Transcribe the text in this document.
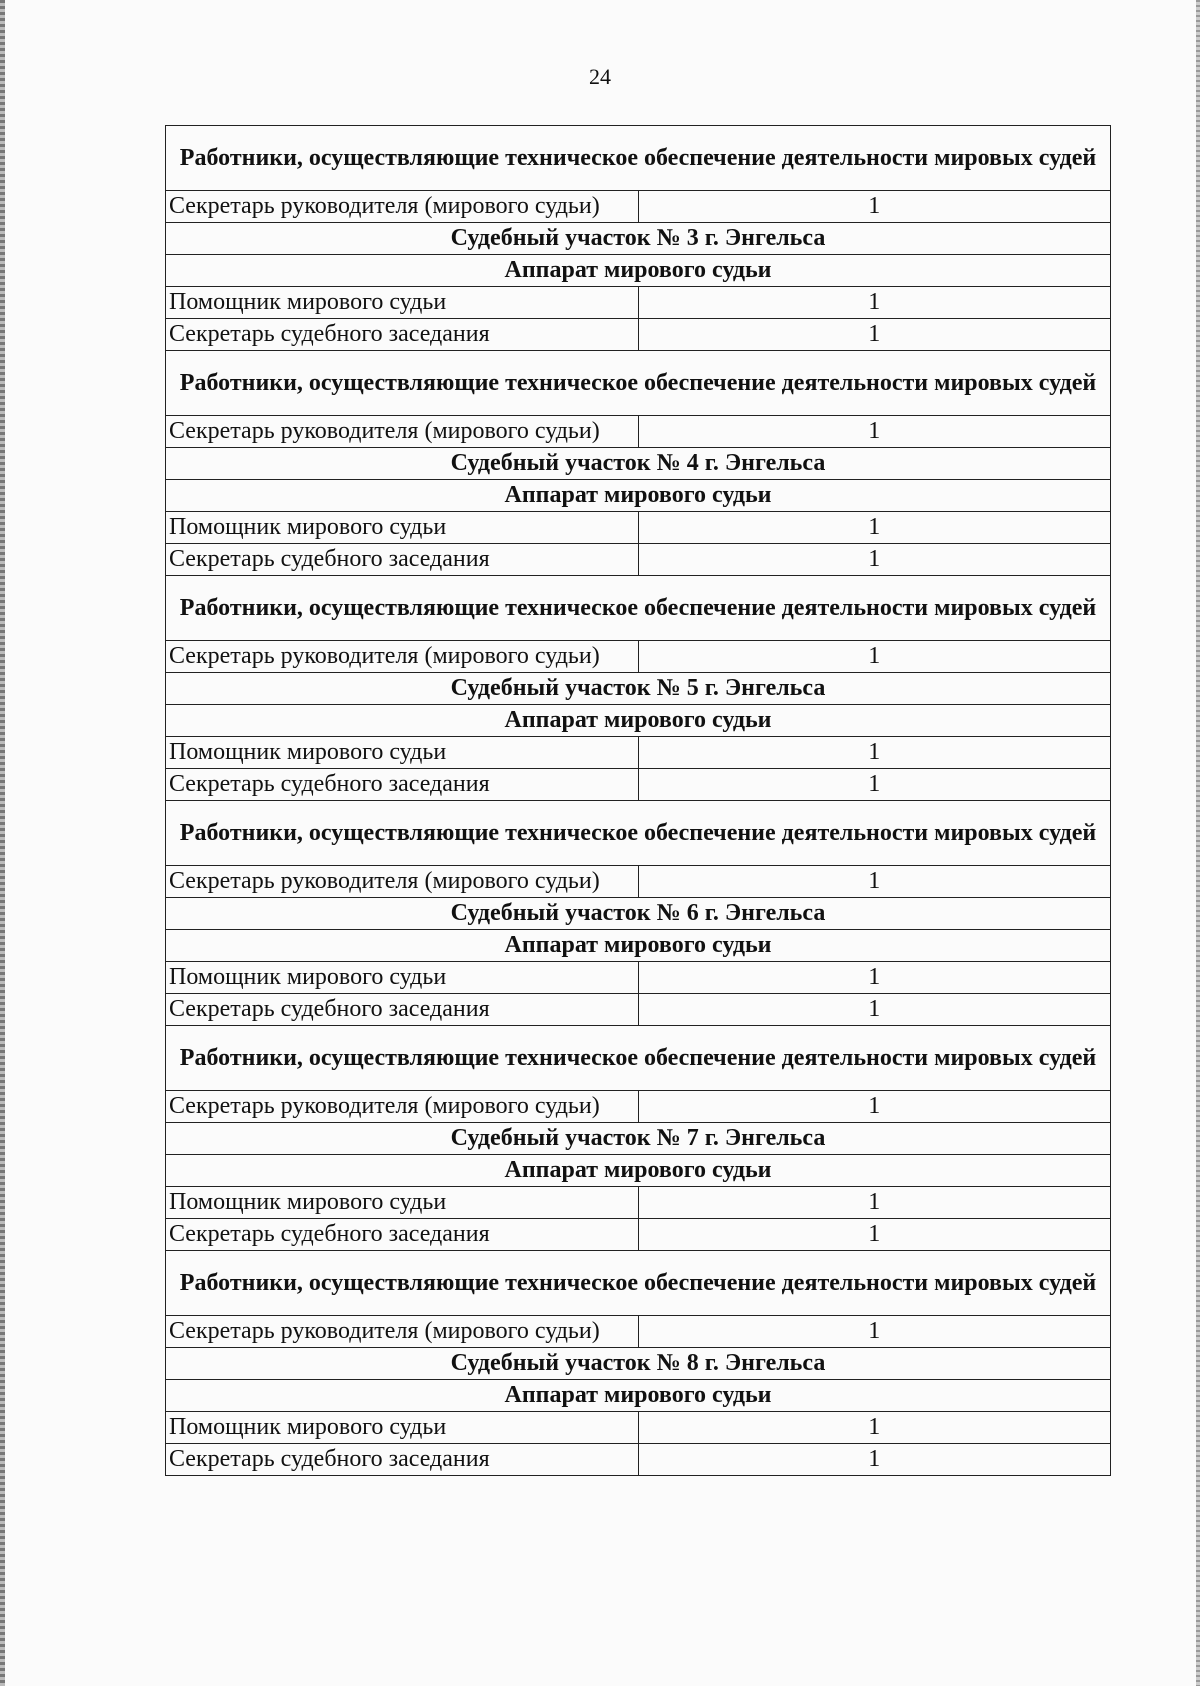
24
Работники, осуществляющие техническое обеспечение деятельности мировых судей	
Секретарь руководителя (мирового судьи)	1
Судебный участок № 3 г. Энгельса	
Аппарат мирового судьи	
Помощник мирового судьи	1
Секретарь судебного заседания	1
Работники, осуществляющие техническое обеспечение деятельности мировых судей	
Секретарь руководителя (мирового судьи)	1
Судебный участок № 4 г. Энгельса	
Аппарат мирового судьи	
Помощник мирового судьи	1
Секретарь судебного заседания	1
Работники, осуществляющие техническое обеспечение деятельности мировых судей	
Секретарь руководителя (мирового судьи)	1
Судебный участок № 5 г. Энгельса	
Аппарат мирового судьи	
Помощник мирового судьи	1
Секретарь судебного заседания	1
Работники, осуществляющие техническое обеспечение деятельности мировых судей	
Секретарь руководителя (мирового судьи)	1
Судебный участок № 6 г. Энгельса	
Аппарат мирового судьи	
Помощник мирового судьи	1
Секретарь судебного заседания	1
Работники, осуществляющие техническое обеспечение деятельности мировых судей	
Секретарь руководителя (мирового судьи)	1
Судебный участок № 7 г. Энгельса	
Аппарат мирового судьи	
Помощник мирового судьи	1
Секретарь судебного заседания	1
Работники, осуществляющие техническое обеспечение деятельности мировых судей	
Секретарь руководителя (мирового судьи)	1
Судебный участок № 8 г. Энгельса	
Аппарат мирового судьи	
Помощник мирового судьи	1
Секретарь судебного заседания	1
